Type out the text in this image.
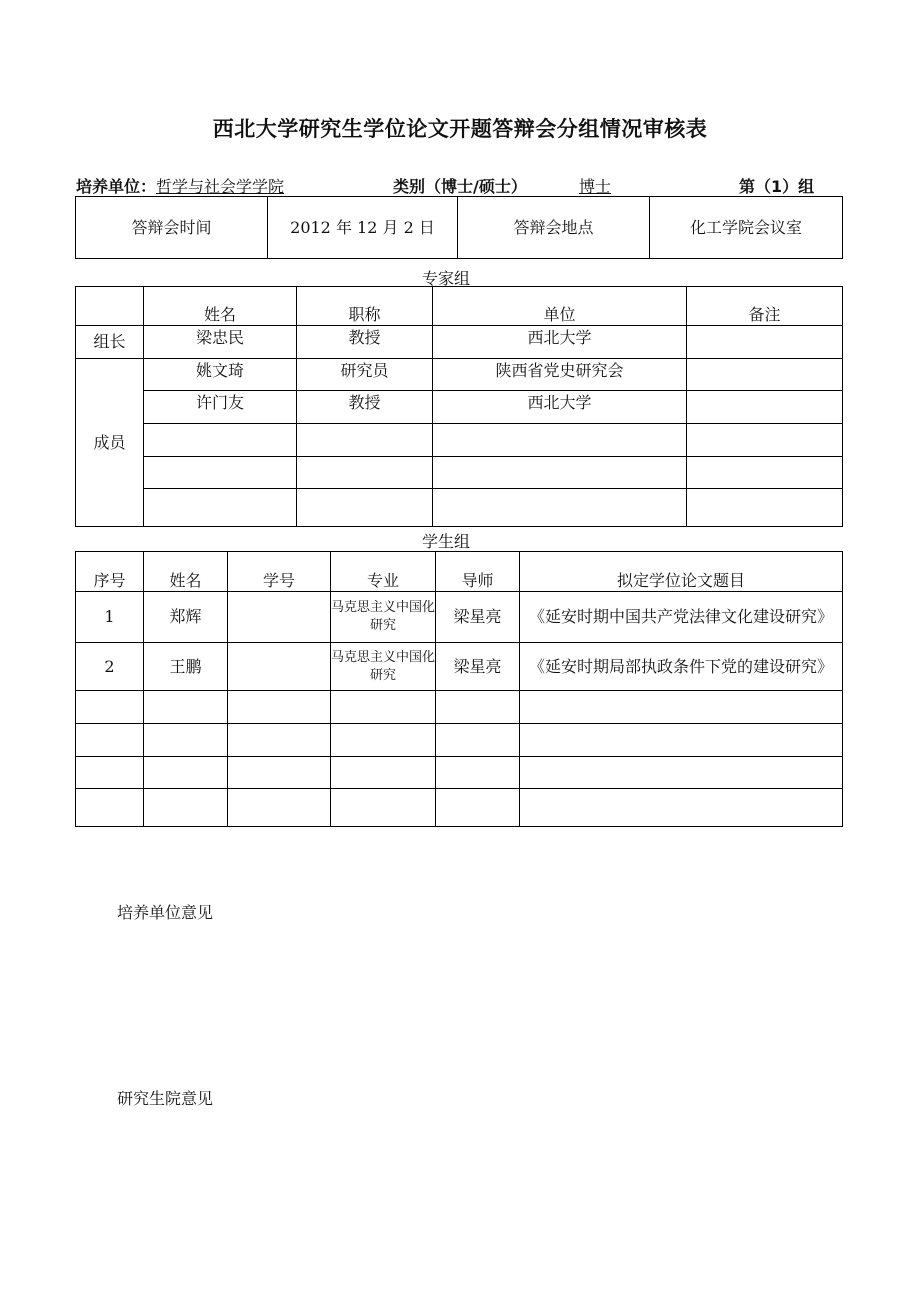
西北大学研究生学位论文开题答辩会分组情况审核表
培养单位：哲学与社会学学院	类别（博士/硕士）	博士	第（1）组
答辩会时间	2012 年 12 月 2 日	答辩会地点	化工学院会议室
专家组
	姓名	职称	单位	备注
组长	梁忠民	教授	西北大学	
成员	姚文琦	研究员	陕西省党史研究会	
	许门友	教授	西北大学	

学生组
序号	姓名	学号	专业	导师	拟定学位论文题目
1	郑辉		马克思主义中国化研究	梁星亮	《延安时期中国共产党法律文化建设研究》
2	王鹏		马克思主义中国化研究	梁星亮	《延安时期局部执政条件下党的建设研究》

培养单位意见
研究生院意见
